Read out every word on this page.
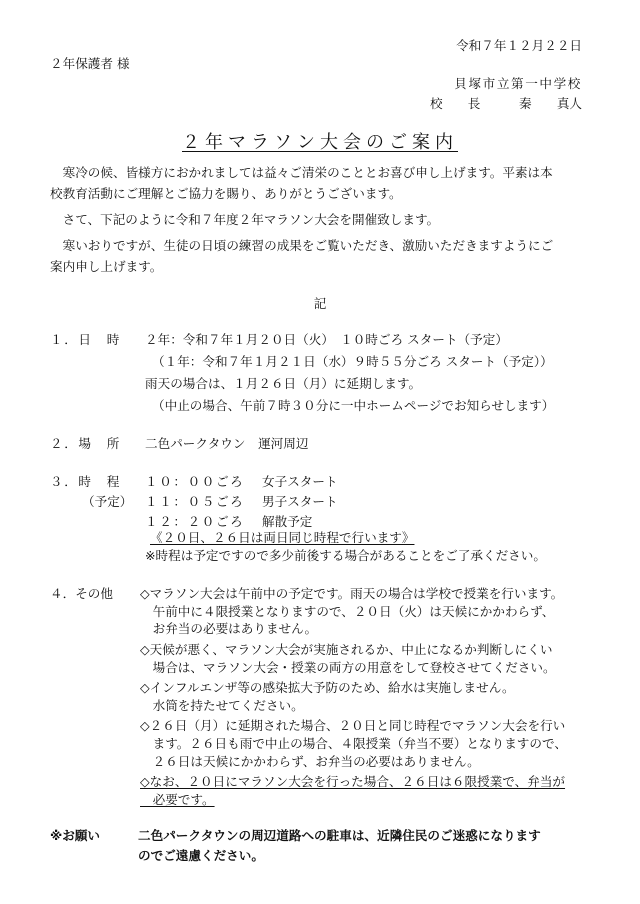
令和７年１２月２２日
２年保護者 様
貝塚市立第一中学校
校　　長	秦　　真人
２年マラソン大会のご案内
　寒冷の候、皆様方におかれましては益々ご清栄のこととお喜び申し上げます。平素は本
校教育活動にご理解とご協力を賜り、ありがとうございます。
　さて、下記のように令和７年度２年マラソン大会を開催致します。
　寒いおりですが、生徒の日頃の練習の成果をご覧いただき、激励いただきますようにご
案内申し上げます。
記
１．日　時 ２年：令和７年１月２０日（火）　１０時ごろ スタート（予定）
（１年：令和７年１月２１日（水）９時５５分ごろ スタート（予定））
雨天の場合は、１月２６日（月）に延期します。
（中止の場合、午前７時３０分に一中ホームページでお知らせします）
２．場　所 二色パークタウン　運河周辺
３．時　程
（予定）
１０：００ごろ 女子スタート
１１：０５ごろ 男子スタート
１２：２０ごろ 解散予定
《２０日、２６日は両日同じ時程で行います》
※時程は予定ですので多少前後する場合があることをご了承ください。
４．その他 ◇マラソン大会は午前中の予定です。雨天の場合は学校で授業を行います。
　午前中に４限授業となりますので、２０日（火）は天候にかかわらず、
　お弁当の必要はありません。
◇天候が悪く、マラソン大会が実施されるか、中止になるか判断しにくい
　場合は、マラソン大会・授業の両方の用意をして登校させてください。
◇インフルエンザ等の感染拡大予防のため、給水は実施しません。
　水筒を持たせてください。
◇２６日（月）に延期された場合、２０日と同じ時程でマラソン大会を行い
　ます。２６日も雨で中止の場合、４限授業（弁当不要）となりますので、
　２６日は天候にかかわらず、お弁当の必要はありません。
◇なお、２０日にマラソン大会を行った場合、２６日は６限授業で、弁当が
　必要です。
※お願い	二色パークタウンの周辺道路への駐車は、近隣住民のご迷惑になります
のでご遠慮ください。
